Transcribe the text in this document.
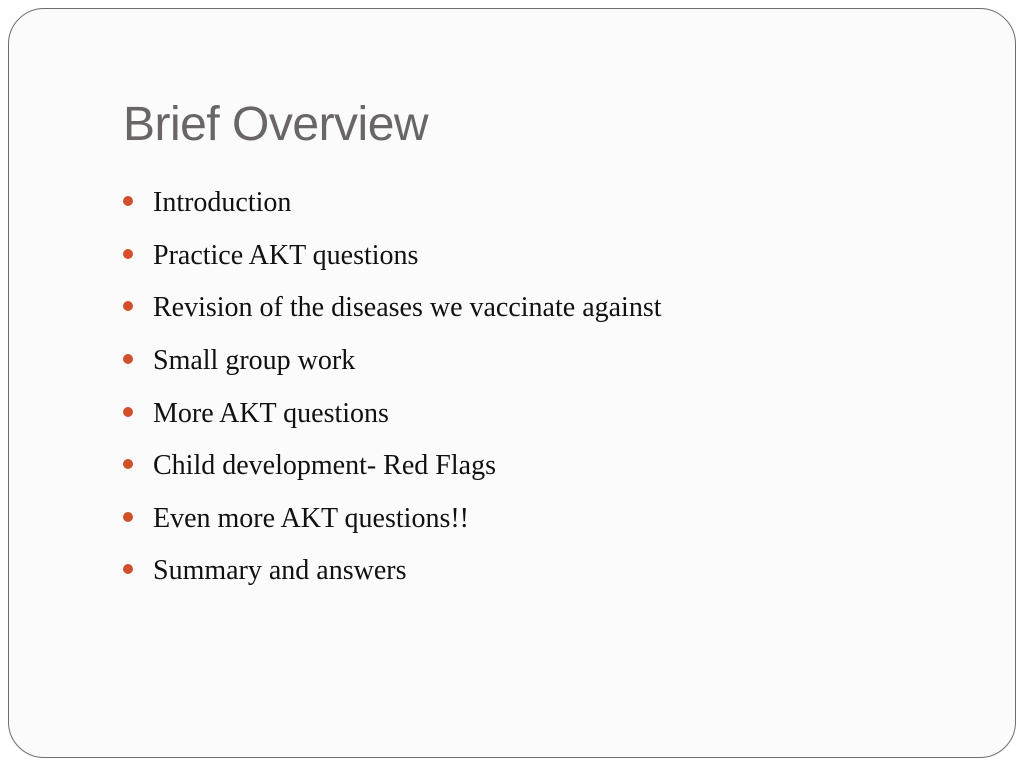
Brief Overview
Introduction
Practice AKT questions
Revision of the diseases we vaccinate against
Small group work
More AKT questions
Child development- Red Flags
Even more AKT questions!!
Summary and answers
